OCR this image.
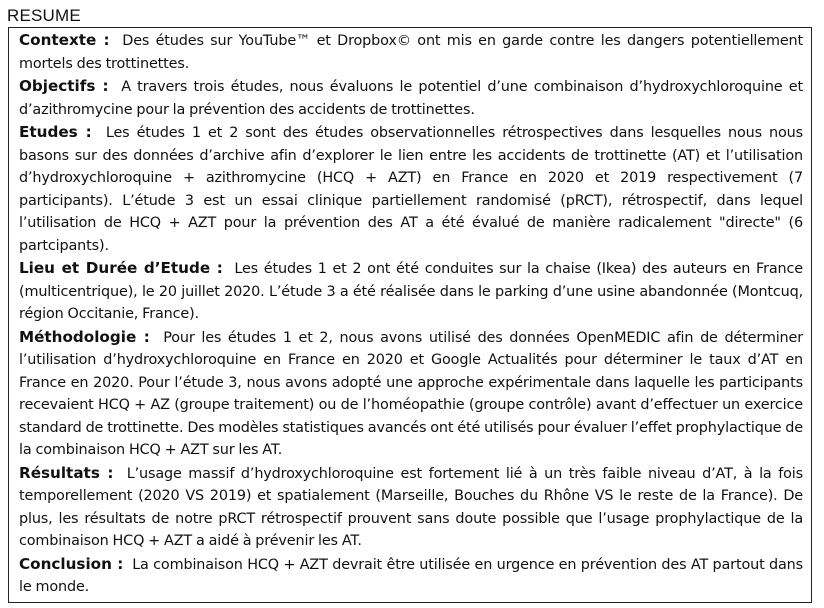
RESUME

Contexte : Des études sur YouTube™ et Dropbox© ont mis en garde contre les dangers potentiellement mortels des trottinettes.

Objectifs : A travers trois études, nous évaluons le potentiel d’une combinaison d’hydroxychloroquine et d’azithromycine pour la prévention des accidents de trottinettes.

Etudes : Les études 1 et 2 sont des études observationnelles rétrospectives dans lesquelles nous nous basons sur des données d’archive afin d’explorer le lien entre les accidents de trottinette (AT) et l’utilisation d’hydroxychloroquine + azithromycine (HCQ + AZT) en France en 2020 et 2019 respectivement (7 participants). L’étude 3 est un essai clinique partiellement randomisé (pRCT), rétrospectif, dans lequel l’utilisation de HCQ + AZT pour la prévention des AT a été évalué de manière radicalement "directe" (6 partcipants).

Lieu et Durée d’Etude : Les études 1 et 2 ont été conduites sur la chaise (Ikea) des auteurs en France (multicentrique), le 20 juillet 2020. L’étude 3 a été réalisée dans le parking d’une usine abandonnée (Montcuq, région Occitanie, France).

Méthodologie : Pour les études 1 et 2, nous avons utilisé des données OpenMEDIC afin de déterminer l’utilisation d’hydroxychloroquine en France en 2020 et Google Actualités pour déterminer le taux d’AT en France en 2020. Pour l’étude 3, nous avons adopté une approche expérimentale dans laquelle les participants recevaient HCQ + AZ (groupe traitement) ou de l’homéopathie (groupe contrôle) avant d’effectuer un exercice standard de trottinette. Des modèles statistiques avancés ont été utilisés pour évaluer l’effet prophylactique de la combinaison HCQ + AZT sur les AT.

Résultats : L’usage massif d’hydroxychloroquine est fortement lié à un très faible niveau d’AT, à la fois temporellement (2020 VS 2019) et spatialement (Marseille, Bouches du Rhône VS le reste de la France). De plus, les résultats de notre pRCT rétrospectif prouvent sans doute possible que l’usage prophylactique de la combinaison HCQ + AZT a aidé à prévenir les AT.

Conclusion : La combinaison HCQ + AZT devrait être utilisée en urgence en prévention des AT partout dans le monde.
